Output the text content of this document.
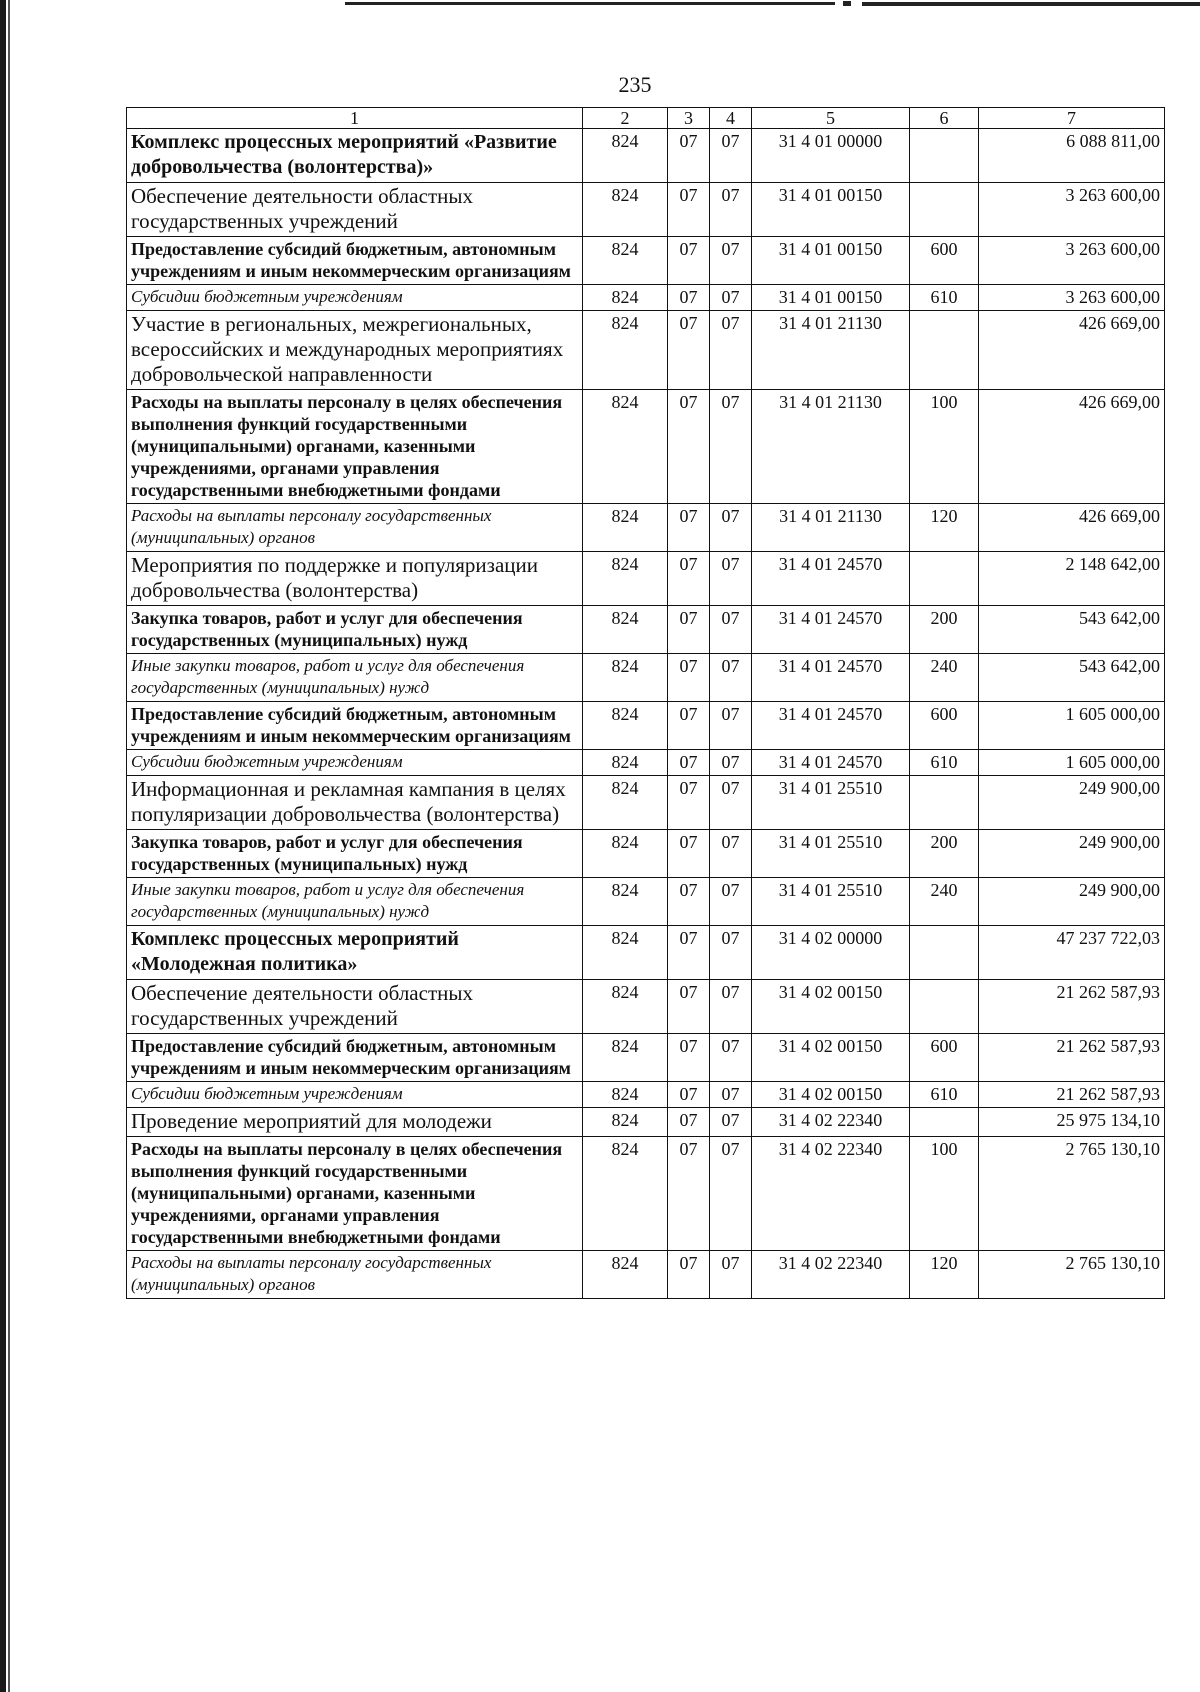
235
1	2	3	4	5	6	7
Комплекс процессных мероприятий «Развитие добровольчества (волонтерства)»	824	07	07	31 4 01 00000		6 088 811,00
Обеспечение деятельности областных государственных учреждений	824	07	07	31 4 01 00150		3 263 600,00
Предоставление субсидий бюджетным, автономным учреждениям и иным некоммерческим организациям	824	07	07	31 4 01 00150	600	3 263 600,00
Субсидии бюджетным учреждениям	824	07	07	31 4 01 00150	610	3 263 600,00
Участие в региональных, межрегиональных, всероссийских и международных мероприятиях добровольческой направленности	824	07	07	31 4 01 21130		426 669,00
Расходы на выплаты персоналу в целях обеспечения выполнения функций государственными (муниципальными) органами, казенными учреждениями, органами управления государственными внебюджетными фондами	824	07	07	31 4 01 21130	100	426 669,00
Расходы на выплаты персоналу государственных (муниципальных) органов	824	07	07	31 4 01 21130	120	426 669,00
Мероприятия по поддержке и популяризации добровольчества (волонтерства)	824	07	07	31 4 01 24570		2 148 642,00
Закупка товаров, работ и услуг для обеспечения государственных (муниципальных) нужд	824	07	07	31 4 01 24570	200	543 642,00
Иные закупки товаров, работ и услуг для обеспечения государственных (муниципальных) нужд	824	07	07	31 4 01 24570	240	543 642,00
Предоставление субсидий бюджетным, автономным учреждениям и иным некоммерческим организациям	824	07	07	31 4 01 24570	600	1 605 000,00
Субсидии бюджетным учреждениям	824	07	07	31 4 01 24570	610	1 605 000,00
Информационная и рекламная кампания в целях популяризации добровольчества (волонтерства)	824	07	07	31 4 01 25510		249 900,00
Закупка товаров, работ и услуг для обеспечения государственных (муниципальных) нужд	824	07	07	31 4 01 25510	200	249 900,00
Иные закупки товаров, работ и услуг для обеспечения государственных (муниципальных) нужд	824	07	07	31 4 01 25510	240	249 900,00
Комплекс процессных мероприятий «Молодежная политика»	824	07	07	31 4 02 00000		47 237 722,03
Обеспечение деятельности областных государственных учреждений	824	07	07	31 4 02 00150		21 262 587,93
Предоставление субсидий бюджетным, автономным учреждениям и иным некоммерческим организациям	824	07	07	31 4 02 00150	600	21 262 587,93
Субсидии бюджетным учреждениям	824	07	07	31 4 02 00150	610	21 262 587,93
Проведение мероприятий для молодежи	824	07	07	31 4 02 22340		25 975 134,10
Расходы на выплаты персоналу в целях обеспечения выполнения функций государственными (муниципальными) органами, казенными учреждениями, органами управления государственными внебюджетными фондами	824	07	07	31 4 02 22340	100	2 765 130,10
Расходы на выплаты персоналу государственных (муниципальных) органов	824	07	07	31 4 02 22340	120	2 765 130,10
